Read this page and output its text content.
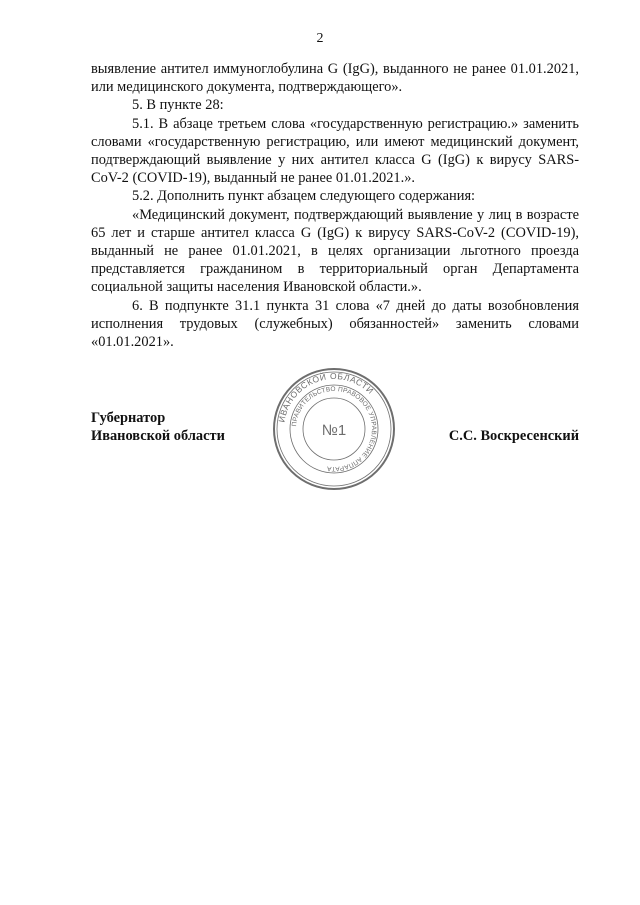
2

выявление антител иммуноглобулина G (IgG), выданного не ранее 01.01.2021, или медицинского документа, подтверждающего».

5. В пункте 28:

5.1. В абзаце третьем слова «государственную регистрацию.» заменить словами «государственную регистрацию, или имеют медицинский документ, подтверждающий выявление у них антител класса G (IgG) к вирусу SARS-CoV-2 (COVID-19), выданный не ранее 01.01.2021.».

5.2. Дополнить пункт абзацем следующего содержания:

«Медицинский документ, подтверждающий выявление у лиц в возрасте 65 лет и старше антител класса G (IgG) к вирусу SARS-CoV-2 (COVID-19), выданный не ранее 01.01.2021, в целях организации льготного проезда представляется гражданином в территориальный орган Департамента социальной защиты населения Ивановской области.».

6. В подпункте 31.1 пункта 31 слова «7 дней до даты возобновления исполнения трудовых (служебных) обязанностей» заменить словами «01.01.2021».

Губернатор
Ивановской области	С.С. Воскресенский
ИВАНОВСКОЙ ОБЛАСТИ
ПРАВИТЕЛЬСТВО ПРАВОВОЕ УПРАВЛЕНИЕ АППАРАТА
№1
